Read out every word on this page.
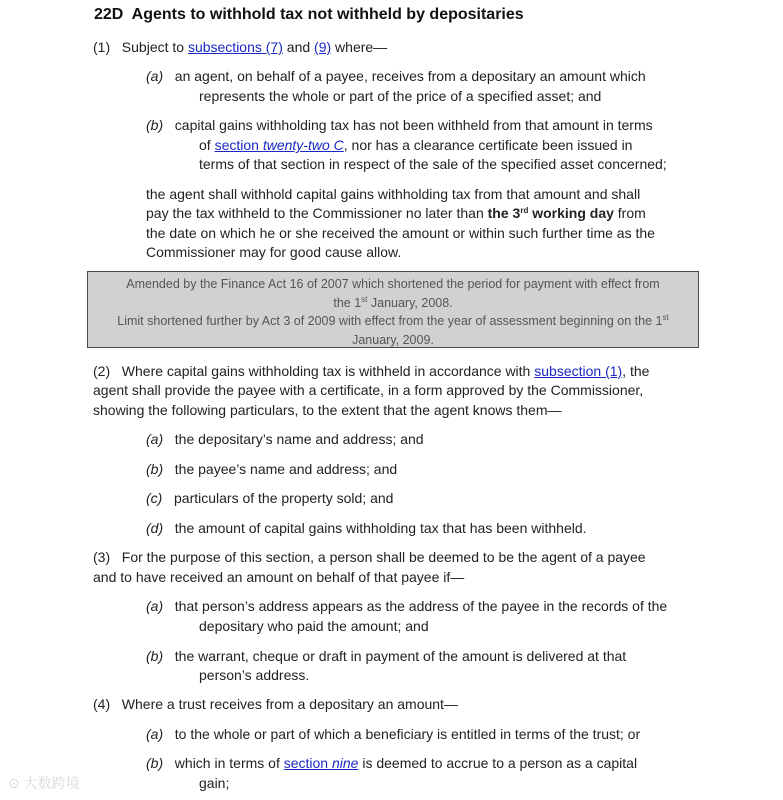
22D Agents to withhold tax not withheld by depositaries
(1) Subject to subsections (7) and (9) where—
(a) an agent, on behalf of a payee, receives from a depositary an amount which
represents the whole or part of the price of a specified asset; and
(b) capital gains withholding tax has not been withheld from that amount in terms
of section twenty-two C, nor has a clearance certificate been issued in
terms of that section in respect of the sale of the specified asset concerned;
the agent shall withhold capital gains withholding tax from that amount and shall
pay the tax withheld to the Commissioner no later than the 3rd working day from
the date on which he or she received the amount or within such further time as the
Commissioner may for good cause allow.
Amended by the Finance Act 16 of 2007 which shortened the period for payment with effect from
the 1st January, 2008.
Limit shortened further by Act 3 of 2009 with effect from the year of assessment beginning on the 1st
January, 2009.
(2) Where capital gains withholding tax is withheld in accordance with subsection (1), the
agent shall provide the payee with a certificate, in a form approved by the Commissioner,
showing the following particulars, to the extent that the agent knows them—
(a) the depositary’s name and address; and
(b) the payee’s name and address; and
(c) particulars of the property sold; and
(d) the amount of capital gains withholding tax that has been withheld.
(3) For the purpose of this section, a person shall be deemed to be the agent of a payee
and to have received an amount on behalf of that payee if—
(a) that person’s address appears as the address of the payee in the records of the
depositary who paid the amount; and
(b) the warrant, cheque or draft in payment of the amount is delivered at that
person’s address.
(4) Where a trust receives from a depositary an amount—
(a) to the whole or part of which a beneficiary is entitled in terms of the trust; or
(b) which in terms of section nine is deemed to accrue to a person as a capital
gain;
⊙ 大数跨境
